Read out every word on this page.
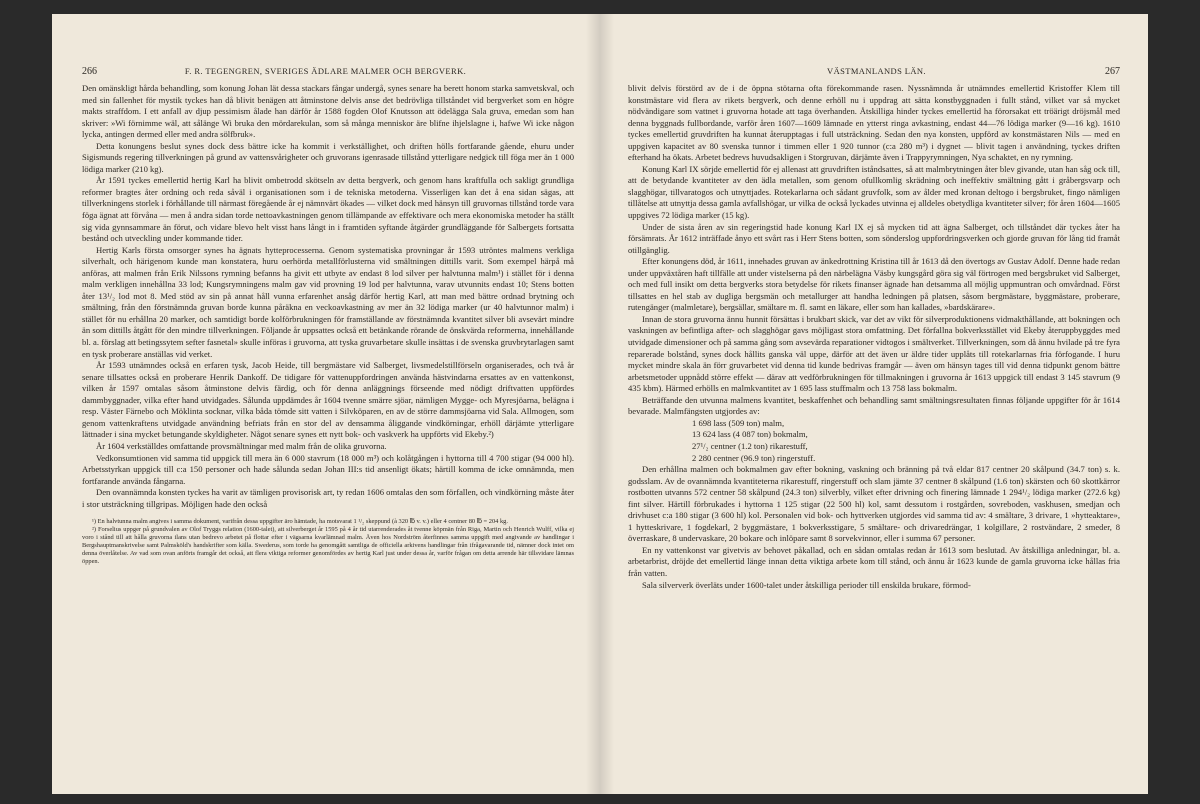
266	F. R. TEGENGREN, SVERIGES ÄDLARE MALMER OCH BERGVERK.

Den omänskligt hårda behandling, som konung Johan lät dessa stackars fångar undergå, synes senare ha berett honom starka samvetskval, och med sin fallenhet för mystik tyckes han då blivit benägen att åtminstone delvis anse det bedrövliga tillståndet vid bergverket som en högre makts straffdom. I ett anfall av djup pessimism ålade han därför år 1588 fogden Olof Knutsson att ödelägga Sala gruva, emedan som han skriver: »Wi förnimme wäl, att sålänge Wi bruka den mördarekulan, som så många menniskor äre blifne ihjelslagne i, hafwe Wi icke någon lycka, antingen dermed eller med andra sölfbruk».

Detta konungens beslut synes dock dess bättre icke ha kommit i verkställighet, och driften hölls fortfarande gående, ehuru under Sigismunds regering tillverkningen på grund av vattensvårigheter och gruvorans igenrasade tillstånd ytterligare nedgick till föga mer än 1 000 lödiga marker (210 kg).

År 1591 tyckes emellertid hertig Karl ha blivit ombetrodd skötseln av detta bergverk, och genom hans kraftfulla och sakligt grundliga reformer bragtes åter ordning och reda såväl i organisationen som i de tekniska metoderna. Visserligen kan det å ena sidan sägas, att tillverkningens storlek i förhållande till närmast föregående år ej nämnvärt ökades — vilket dock med hänsyn till gruvornas tillstånd torde vara föga ägnat att förvåna — men å andra sidan torde nettoavkastningen genom tillämpande av effektivare och mera ekonomiska metoder ha ställt sig vida gynnsammare än förut, och vidare blevo helt visst hans långt in i framtiden syftande åtgärder grundläggande för Salbergets fortsatta bestånd och utveckling under kommande tider.

Hertig Karls första omsorger synes ha ägnats hytteprocesserna. Genom systematiska provningar år 1593 utröntes malmens verkliga silverhalt, och härigenom kunde man konstatera, huru oerhörda metallförlusterna vid smältningen dittills varit. Som exempel härpå må anföras, att malmen från Erik Nilssons rymning befanns ha givit ett utbyte av endast 8 lod silver per halvtunna malm¹) i stället för i denna malm verkligen innehållna 33 lod; Kungsrymningens malm gav vid provning 19 lod per halvtunna, varav utvunnits endast 10; Stens botten åter 13¹/₂ lod mot 8. Med stöd av sin på annat håll vunna erfarenhet ansåg därför hertig Karl, att man med bättre ordnad brytning och smältning, från den förstnämnda gruvan borde kunna påräkna en veckoavkastning av mer än 32 lödiga marker (ur 40 halvtunnor malm) i stället för nu erhållna 20 marker, och samtidigt borde kolförbrukningen för framställande av förstnämnda kvantitet silver bli avsevärt mindre än som dittills åtgått för den mindre tillverkningen. Följande år uppsattes också ett betänkande rörande de önskvärda reformerna, innehållande bl. a. förslag att betingssytem sefter fasnetal» skulle införas i gruvorna, att tyska gruvarbetare skulle insättas i de svenska gruvbrytarlagen samt en tysk proberare anställas vid verket.

År 1593 utnämndes också en erfaren tysk, Jacob Heide, till bergmästare vid Salberget, livsmedelstillförseln organiserades, och två år senare tillsattes också en proberare Henrik Dankoff. De tidigare för vattenuppfordringen använda hästvindarna ersattes av en vattenkonst, vilken år 1597 omtalas såsom åtminstone delvis färdig, och för denna anläggnings förseende med nödigt driftvatten uppfördes dammbyggnader, vilka efter hand utvidgades. Sålunda uppdämdes år 1604 tvenne smärre sjöar, nämligen Mygge- och Myresjöarna, belägna i resp. Väster Färnebo och Möklinta socknar, vilka båda tömde sitt vatten i Silvköparen, en av de större dammsjöarna vid Sala. Allmogen, som genom vattenkraftens utvidgade användning befriats från en stor del av densamma åliggande vindkörningar, erhöll därjämte ytterligare lättnader i sina mycket betungande skyldigheter. Något senare synes ett nytt bok- och vaskverk ha uppförts vid Ekeby.²)

År 1604 verkställdes omfattande provsmältningar med malm från de olika gruvorna.

Vedkonsumtionen vid samma tid uppgick till mera än 6 000 stavrum (18 000 m³) och kolåtgången i hyttorna till 4 700 stigar (94 000 hl). Arbetsstyrkan uppgick till c:a 150 personer och hade sålunda sedan Johan III:s tid ansenligt ökats; härtill komma de icke omnämnda, men fortfarande använda fångarna.

Den ovannämnda konsten tyckes ha varit av tämligen provisorisk art, ty redan 1606 omtalas den som förfallen, och vindkörning måste åter i stor utsträckning tillgripas. Möjligen hade den också

¹) En halvtunna malm angives i samma dokument, varifrån dessa uppgifter äro hämtade, ha motsvarat 1 ¹/₂ skeppund (à 320 ℔ v. v.) eller 4 centner 80 ℔ = 204 kg.

²) Forselius uppger på grundvalen av Olof Tryggs relation (1600-talet), att silverberget år 1595 på 4 år tid utarrenderades åt tvenne köpmän från Riga, Martin och Henrich Wulff, vilka ej voro i stånd till att hålla gruvorna ilans utan bedrevo arbetet på flottar efter i vägsarna kvarlämnad malm. Även hos Nordström återfinnes samma uppgift med angivande av handlingar i Bergshauptmanskrivelse samt Palmsköld's handskrifter som källa. Swederus, som torde ha genomgått samtliga de officiella arkivens handlingar från ifrågavarande tid, nämner dock intet om denna överlåtelse. Av vad som ovan anförts framgår det också, att flera viktiga reformer genomfördes av hertig Karl just under dessa år, varför frågan om detta arrende här tillsvidare lämnas öppen.

VÄSTMANLANDS LÄN.	267

blivit delvis förstörd av de i de öppna stötarna ofta förekommande rasen. Nyssnämnda år utnämndes emellertid Kristoffer Klem till konstmästare vid flera av rikets bergverk, och denne erhöll nu i uppdrag att sätta konstbyggnaden i fullt stånd, vilket var så mycket nödvändigare som vattnet i gruvorna hotade att taga överhanden. Åtskilliga hinder tyckes emellertid ha förorsakat ett tröärigt dröjsmål med denna byggnads fullbordande, varför åren 1607—1609 lämnade en ytterst ringa avkastning, endast 44—76 lödiga marker (9—16 kg). 1610 tyckes emellertid gruvdriften ha kunnat återupptagas i full utsträckning. Sedan den nya konsten, uppförd av konstmästaren Nils — med en uppgiven kapacitet av 80 svenska tunnor i timmen eller 1 920 tunnor (c:a 280 m³) i dygnet — blivit tagen i användning, tyckes driften efterhand ha ökats. Arbetet bedrevs huvudsakligen i Storgruvan, därjämte även i Trappyrymningen, Nya schaktet, en ny rymning.

Konung Karl IX sörjde emellertid för ej allenast att gruvdriften iståndsattes, så att malmbrytningen åter blev givande, utan han såg ock till, att de betydande kvantiteter av den ädla metallen, som genom ofullkomlig skrädning och ineffektiv smältning gått i gråbergsvarp och slagghögar, tillvaratogos och utnyttjades. Rotekarlarna och sådant gruvfolk, som av ålder med kronan deltogo i bergsbruket, fingo nämligen tillåtelse att utnyttja dessa gamla avfallshögar, ur vilka de också lyckades utvinna ej alldeles obetydliga kvantiteter silver; för åren 1604—1605 uppgives 72 lödiga marker (15 kg).

Under de sista åren av sin regeringstid hade konung Karl IX ej så mycken tid att ägna Salberget, och tillståndet där tyckes åter ha försämrats. År 1612 inträffade ånyo ett svårt ras i Herr Stens botten, som sönderslog uppfordringsverken och gjorde gruvan för lång tid framåt otillgänglig.

Efter konungens död, år 1611, innehades gruvan av änkedrottning Kristina till år 1613 då den övertogs av Gustav Adolf. Denne hade redan under uppväxtåren haft tillfälle att under vistelserna på den närbelägna Väsby kungsgård göra sig väl förtrogen med bergsbruket vid Salberget, och med full insikt om detta bergverks stora betydelse för rikets finanser ägnade han detsamma all möjlig uppmuntran och omvårdnad. Först tillsattes en hel stab av dugliga bergsmän och metallurger att handha ledningen på platsen, såsom bergmästare, byggmästare, proberare, rutengänger (malmletare), bergsällar, smältare m. fl. samt en läkare, eller som han kallades, »bardskärare».

Innan de stora gruvorna ännu hunnit försättas i brukbart skick, var det av vikt för silverproduktionens vidmakthållande, att bokningen och vaskningen av befintliga after- och slagghögar gavs möjligast stora omfattning. Det förfallna bokverksstället vid Ekeby återuppbyggdes med utvidgade dimensioner och på samma gång som avsevärda reparationer vidtogos i smältverket. Tillverkningen, som då ännu hvilade på tre fyra reparerade bolstånd, synes dock hållits ganska väl uppe, därför att det även ur äldre tider upplåts till rotekarlarnas fria förfogande. I huru mycket mindre skala än förr gruvarbetet vid denna tid kunde bedrivas framgår — även om hänsyn tages till vid denna tidpunkt genom bättre arbetsmetoder uppnådd större effekt — därav att vedförbrukningen för tillmakningen i gruvorna år 1613 uppgick till endast 3 145 stavrum (9 435 kbm). Härmed erhölls en malmkvantitet av 1 695 lass stuffmalm och 13 758 lass bokmalm.

Beträffande den utvunna malmens kvantitet, beskaffenhet och behandling samt smältningsresultaten finnas följande uppgifter för år 1614 bevarade. Malmfängsten utgjordes av:

1 698 lass (509 ton) malm,
13 624 lass (4 087 ton) bokmalm,
27¹/₂ centner (1.2 ton) rikarestuff,
2 280 centner (96.9 ton) ringerstuff.

Den erhållna malmen och bokmalmen gav efter bokning, vaskning och bränning på två eldar 817 centner 20 skålpund (34.7 ton) s. k. godsslam. Av de ovannämnda kvantiteterna rikarestuff, ringerstuff och slam jämte 37 centner 8 skålpund (1.6 ton) skärsten och 60 skottkärror rostbotten utvanns 572 centner 58 skålpund (24.3 ton) silverbly, vilket efter drivning och finering lämnade 1 294¹/₂ lödiga marker (272.6 kg) fint silver. Härtill förbrukades i hyttorna 1 125 stigar (22 500 hl) kol, samt dessutom i rostgården, sovreboden, vaskhusen, smedjan och drivhuset c:a 180 stigar (3 600 hl) kol. Personalen vid bok- och hyttverken utgjordes vid samma tid av: 4 smältare, 3 drivare, 1 »hytteaktare», 1 hytteskrivare, 1 fogdekarl, 2 byggmästare, 1 bokverksstigare, 5 smältare- och drivaredrängar, 1 kolgillare, 2 rostvändare, 2 smeder, 8 överraskare, 8 undervaskare, 20 bokare och inlöpare samt 8 sorvekvinnor, eller i summa 67 personer.

En ny vattenkonst var givetvis av behovet påkallad, och en sådan omtalas redan år 1613 som beslutad. Av åtskilliga anledningar, bl. a. arbetarbrist, dröjde det emellertid länge innan detta viktiga arbete kom till stånd, och ännu år 1623 kunde de gamla gruvorna icke hållas fria från vatten.

Sala silververk överläts under 1600-talet under åtskilliga perioder till enskilda brukare, förmod-
